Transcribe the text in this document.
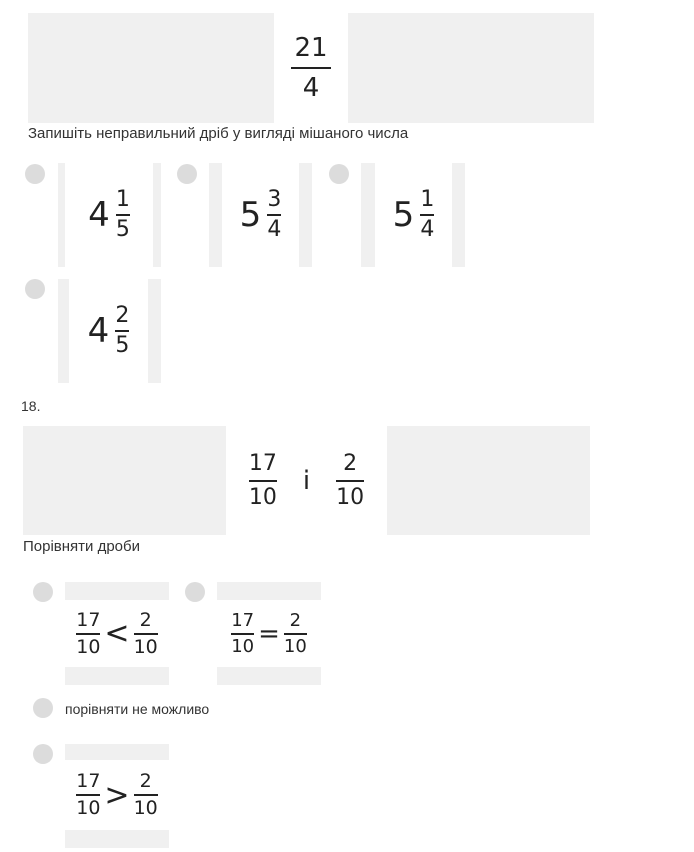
$\frac{21}{4}$
Запишіть неправильний дріб у вигляді мішаного числа
$4 \frac{1}{5}$	$5 \frac{3}{4}$	$5 \frac{1}{4}$
$4 \frac{2}{5}$
18.
$\frac{17}{10}$ і $\frac{2}{10}$
Порівняти дроби
$\frac{17}{10} < \frac{2}{10}$	$\frac{17}{10} = \frac{2}{10}$
порівняти не можливо
$\frac{17}{10} > \frac{2}{10}$
